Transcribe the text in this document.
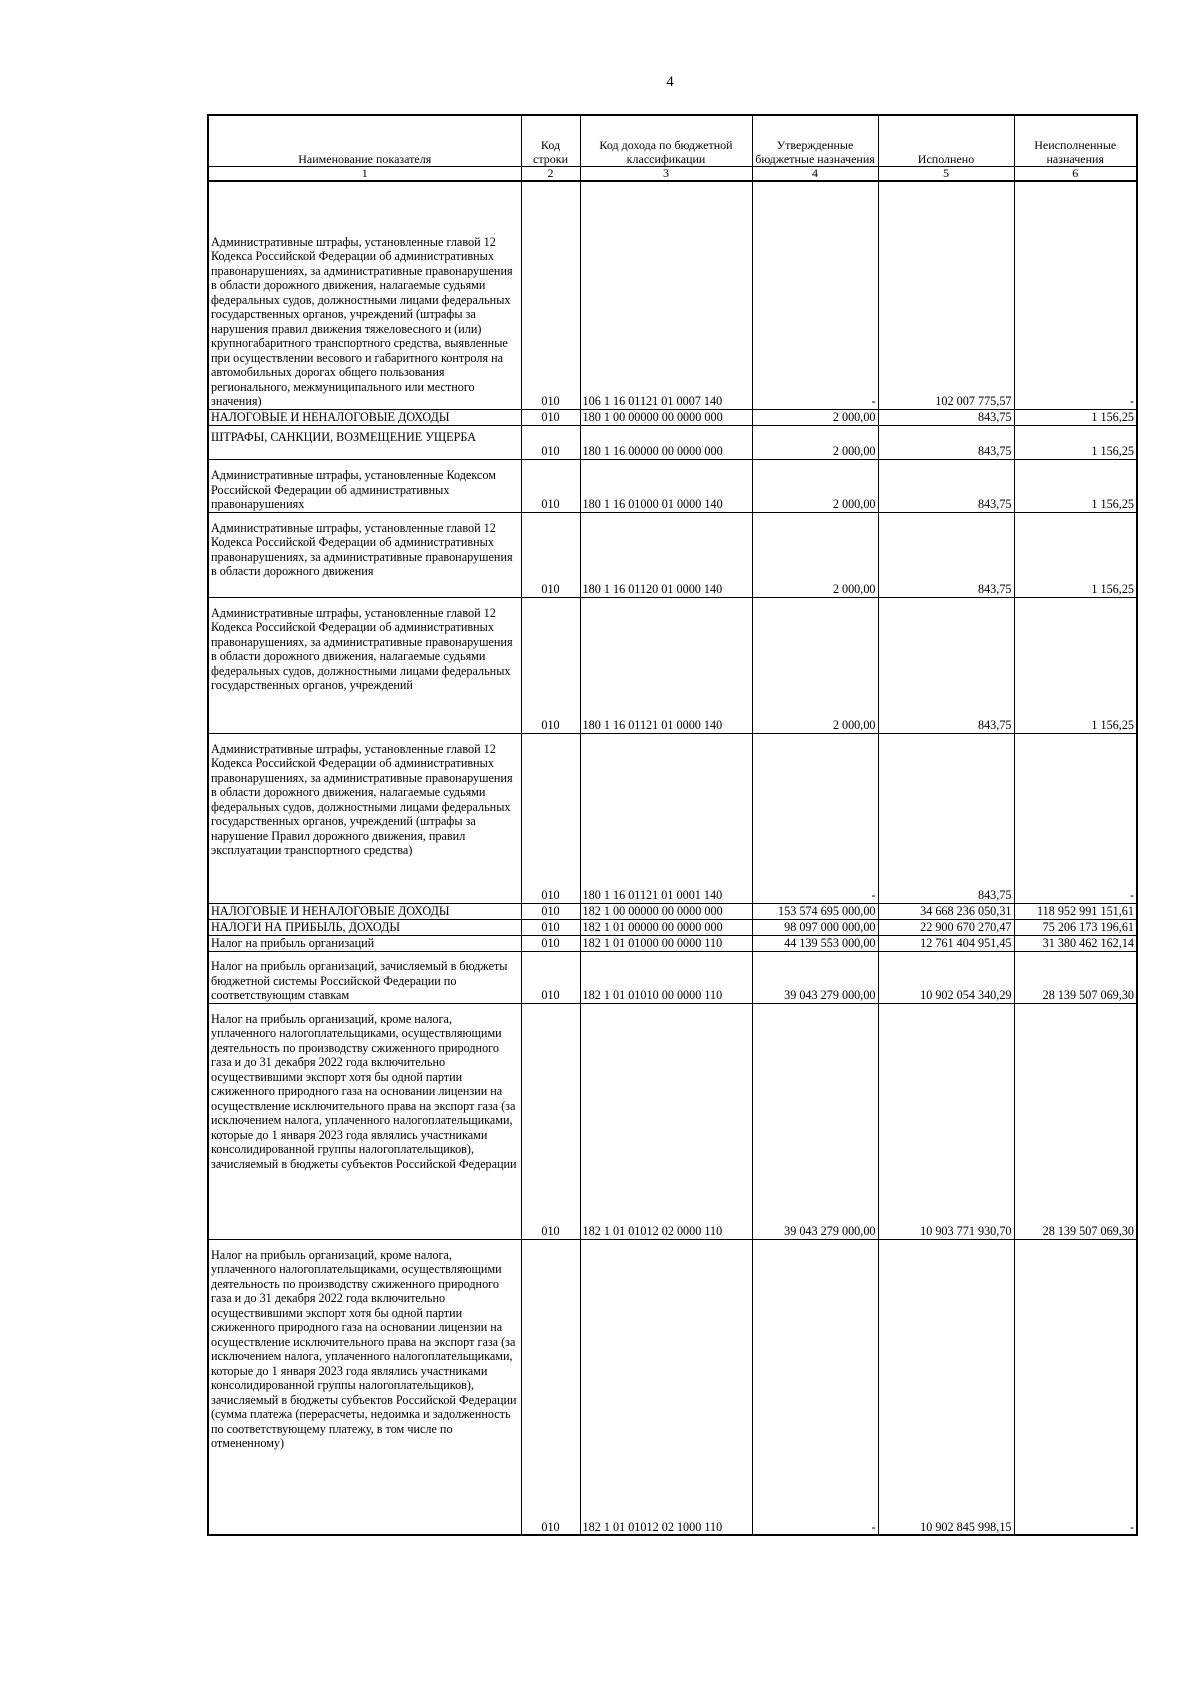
4
Наименование показателя	Код строки	Код дохода по бюджетной классификации	Утвержденные бюджетные назначения	Исполнено	Неисполненные назначения
1	2	3	4	5	6
Административные штрафы, установленные главой 12 Кодекса Российской Федерации об административных правонарушениях, за административные правонарушения в области дорожного движения, налагаемые судьями федеральных судов, должностными лицами федеральных государственных органов, учреждений (штрафы за нарушения правил движения тяжеловесного и (или) крупногабаритного транспортного средства, выявленные при осуществлении весового и габаритного контроля на автомобильных дорогах общего пользования регионального, межмуниципального или местного значения)	010	106 1 16 01121 01 0007 140	-	102 007 775,57	-
НАЛОГОВЫЕ И НЕНАЛОГОВЫЕ ДОХОДЫ	010	180 1 00 00000 00 0000 000	2 000,00	843,75	1 156,25
ШТРАФЫ, САНКЦИИ, ВОЗМЕЩЕНИЕ УЩЕРБА	010	180 1 16 00000 00 0000 000	2 000,00	843,75	1 156,25
Административные штрафы, установленные Кодексом Российской Федерации об административных правонарушениях	010	180 1 16 01000 01 0000 140	2 000,00	843,75	1 156,25
Административные штрафы, установленные главой 12 Кодекса Российской Федерации об административных правонарушениях, за административные правонарушения в области дорожного движения	010	180 1 16 01120 01 0000 140	2 000,00	843,75	1 156,25
Административные штрафы, установленные главой 12 Кодекса Российской Федерации об административных правонарушениях, за административные правонарушения в области дорожного движения, налагаемые судьями федеральных судов, должностными лицами федеральных государственных органов, учреждений	010	180 1 16 01121 01 0000 140	2 000,00	843,75	1 156,25
Административные штрафы, установленные главой 12 Кодекса Российской Федерации об административных правонарушениях, за административные правонарушения в области дорожного движения, налагаемые судьями федеральных судов, должностными лицами федеральных государственных органов, учреждений (штрафы за нарушение Правил дорожного движения, правил эксплуатации транспортного средства)	010	180 1 16 01121 01 0001 140	-	843,75	-
НАЛОГОВЫЕ И НЕНАЛОГОВЫЕ ДОХОДЫ	010	182 1 00 00000 00 0000 000	153 574 695 000,00	34 668 236 050,31	118 952 991 151,61
НАЛОГИ НА ПРИБЫЛЬ, ДОХОДЫ	010	182 1 01 00000 00 0000 000	98 097 000 000,00	22 900 670 270,47	75 206 173 196,61
Налог на прибыль организаций	010	182 1 01 01000 00 0000 110	44 139 553 000,00	12 761 404 951,45	31 380 462 162,14
Налог на прибыль организаций, зачисляемый в бюджеты бюджетной системы Российской Федерации по соответствующим ставкам	010	182 1 01 01010 00 0000 110	39 043 279 000,00	10 902 054 340,29	28 139 507 069,30
Налог на прибыль организаций, кроме налога, уплаченного налогоплательщиками, осуществляющими деятельность по производству сжиженного природного газа и до 31 декабря 2022 года включительно осуществившими экспорт хотя бы одной партии сжиженного природного газа на основании лицензии на осуществление исключительного права на экспорт газа (за исключением налога, уплаченного налогоплательщиками, которые до 1 января 2023 года являлись участниками консолидированной группы налогоплательщиков), зачисляемый в бюджеты субъектов Российской Федерации	010	182 1 01 01012 02 0000 110	39 043 279 000,00	10 903 771 930,70	28 139 507 069,30
Налог на прибыль организаций, кроме налога, уплаченного налогоплательщиками, осуществляющими деятельность по производству сжиженного природного газа и до 31 декабря 2022 года включительно осуществившими экспорт хотя бы одной партии сжиженного природного газа на основании лицензии на осуществление исключительного права на экспорт газа (за исключением налога, уплаченного налогоплательщиками, которые до 1 января 2023 года являлись участниками консолидированной группы налогоплательщиков), зачисляемый в бюджеты субъектов Российской Федерации (сумма платежа (перерасчеты, недоимка и задолженность по соответствующему платежу, в том числе по отмененному)	010	182 1 01 01012 02 1000 110	-	10 902 845 998,15	-
